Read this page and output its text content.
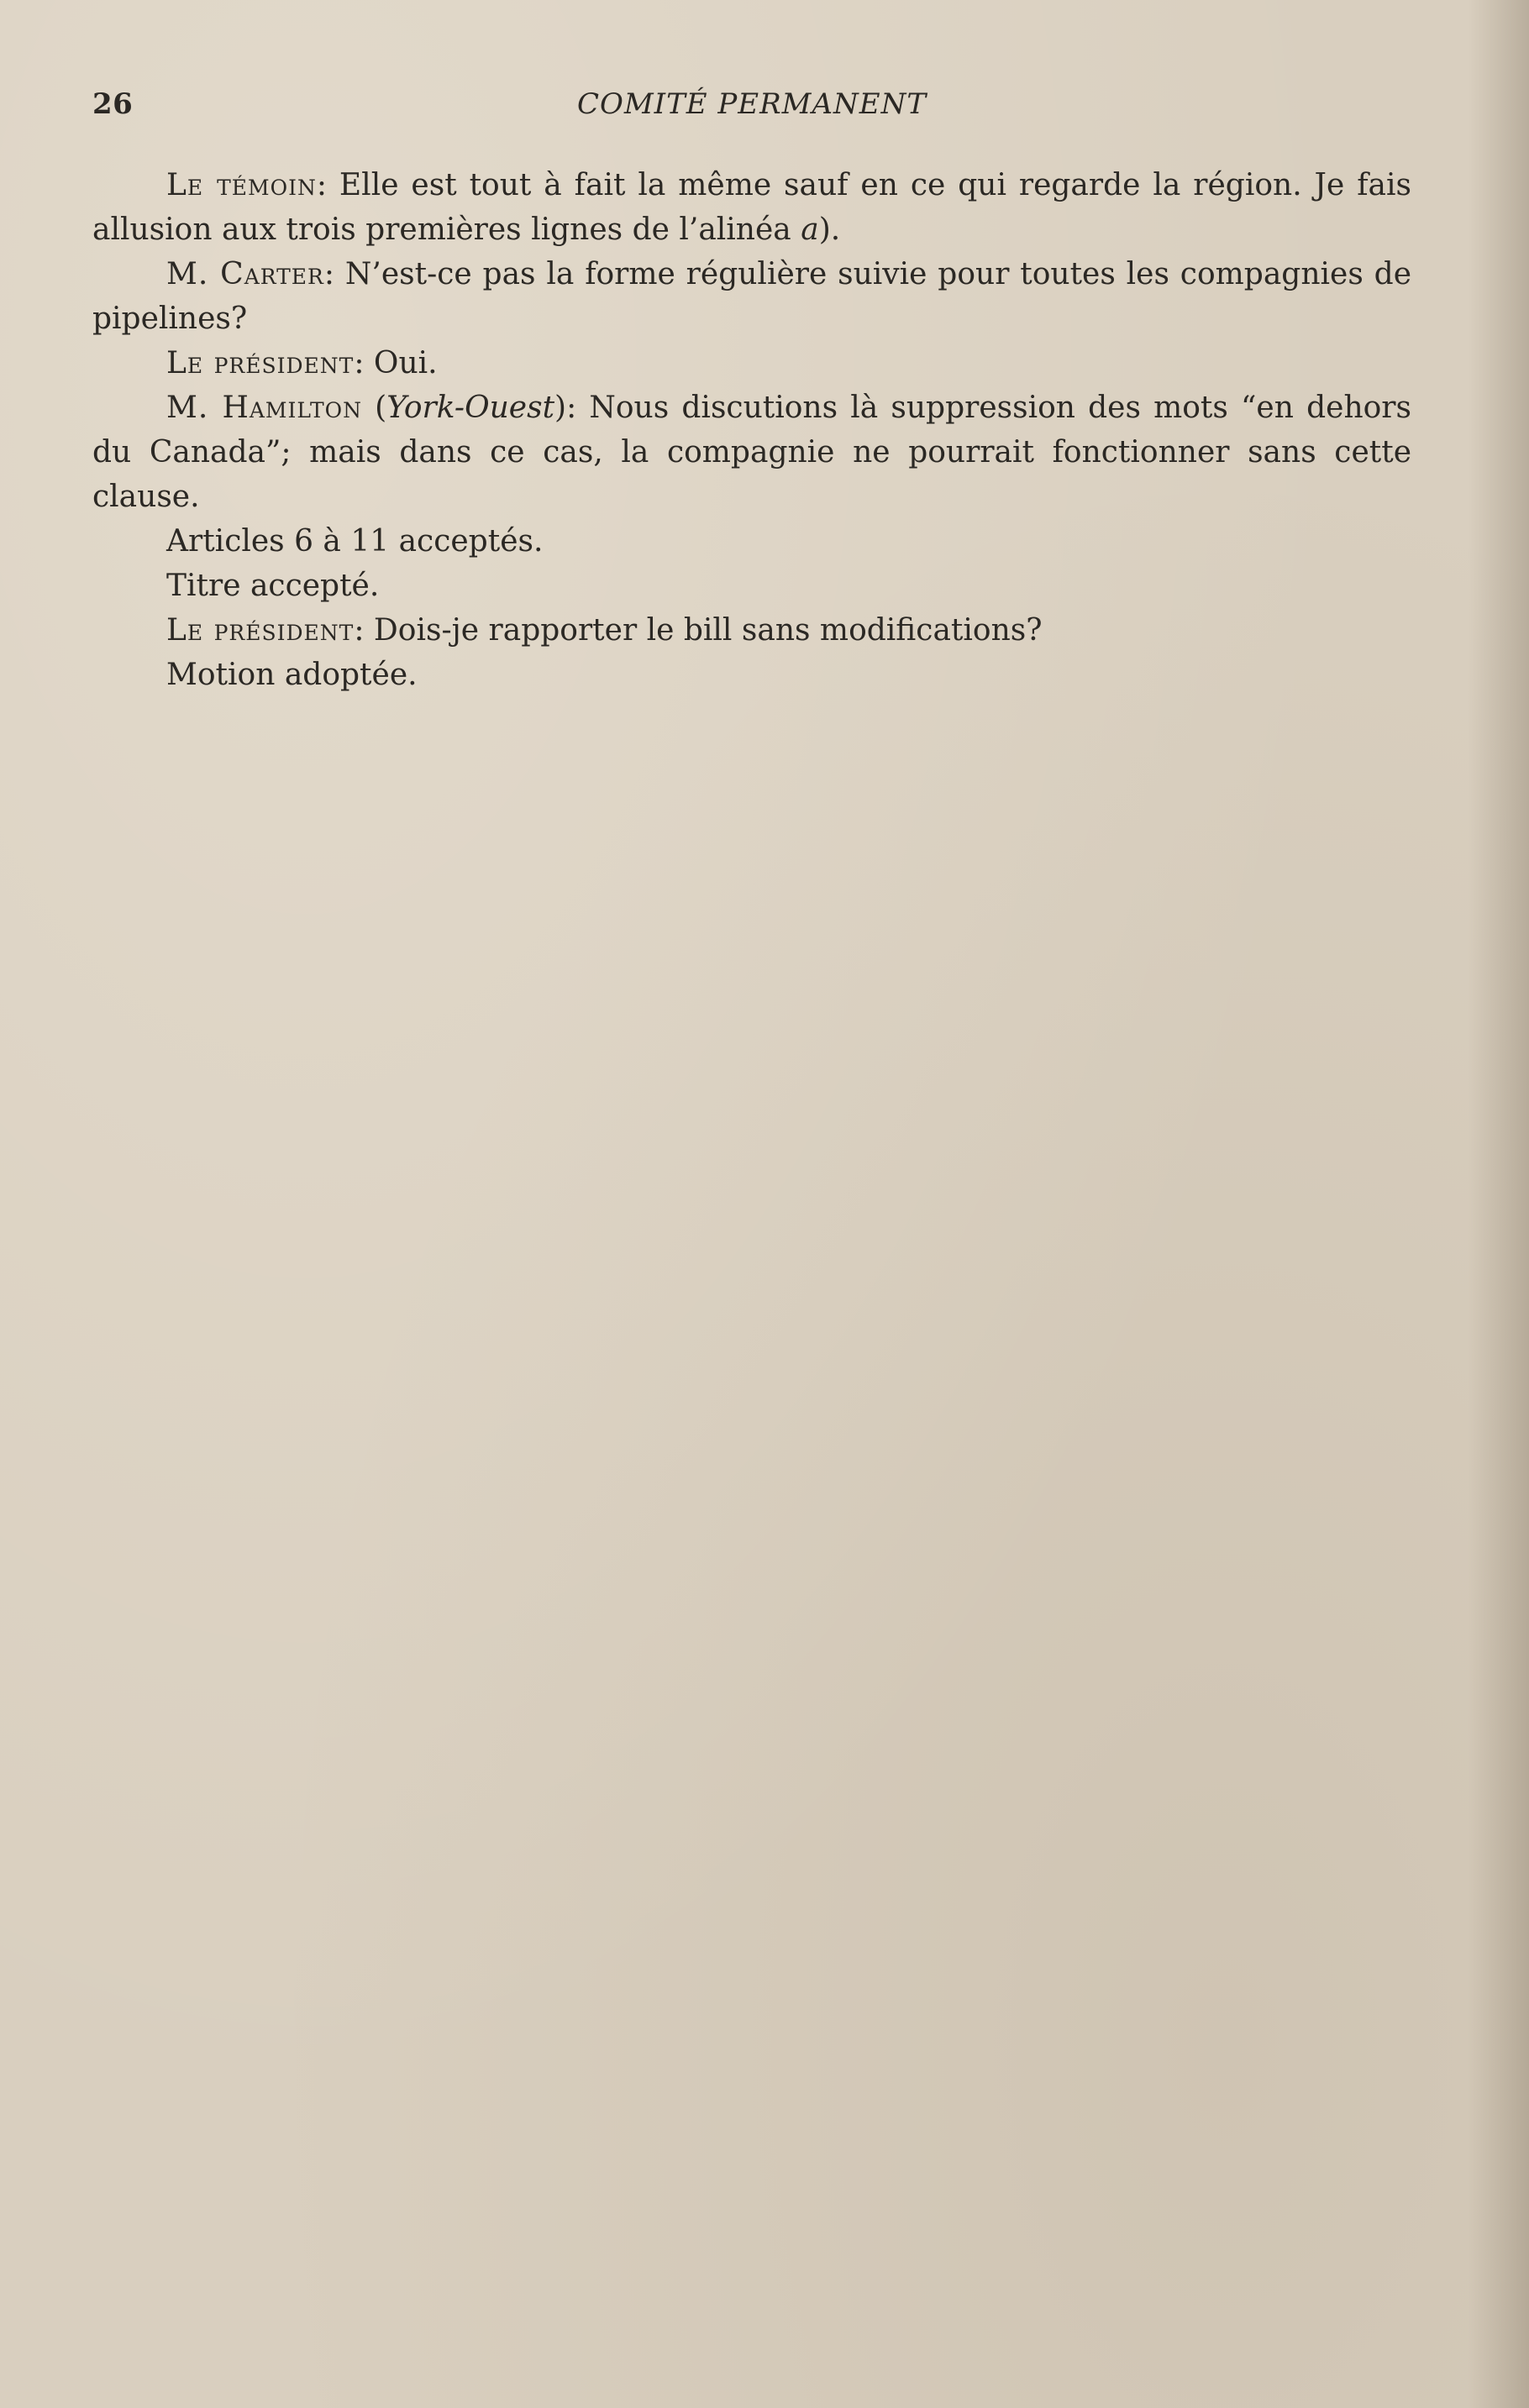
26	COMITÉ PERMANENT

Le témoin: Elle est tout à fait la même sauf en ce qui regarde la région. Je fais allusion aux trois premières lignes de l’alinéa a).

M. Carter: N’est-ce pas la forme régulière suivie pour toutes les compagnies de pipelines?

Le président: Oui.

M. Hamilton (York-Ouest): Nous discutions là suppression des mots “en dehors du Canada”; mais dans ce cas, la compagnie ne pourrait fonctionner sans cette clause.

Articles 6 à 11 acceptés.

Titre accepté.

Le président: Dois-je rapporter le bill sans modifications?

Motion adoptée.
